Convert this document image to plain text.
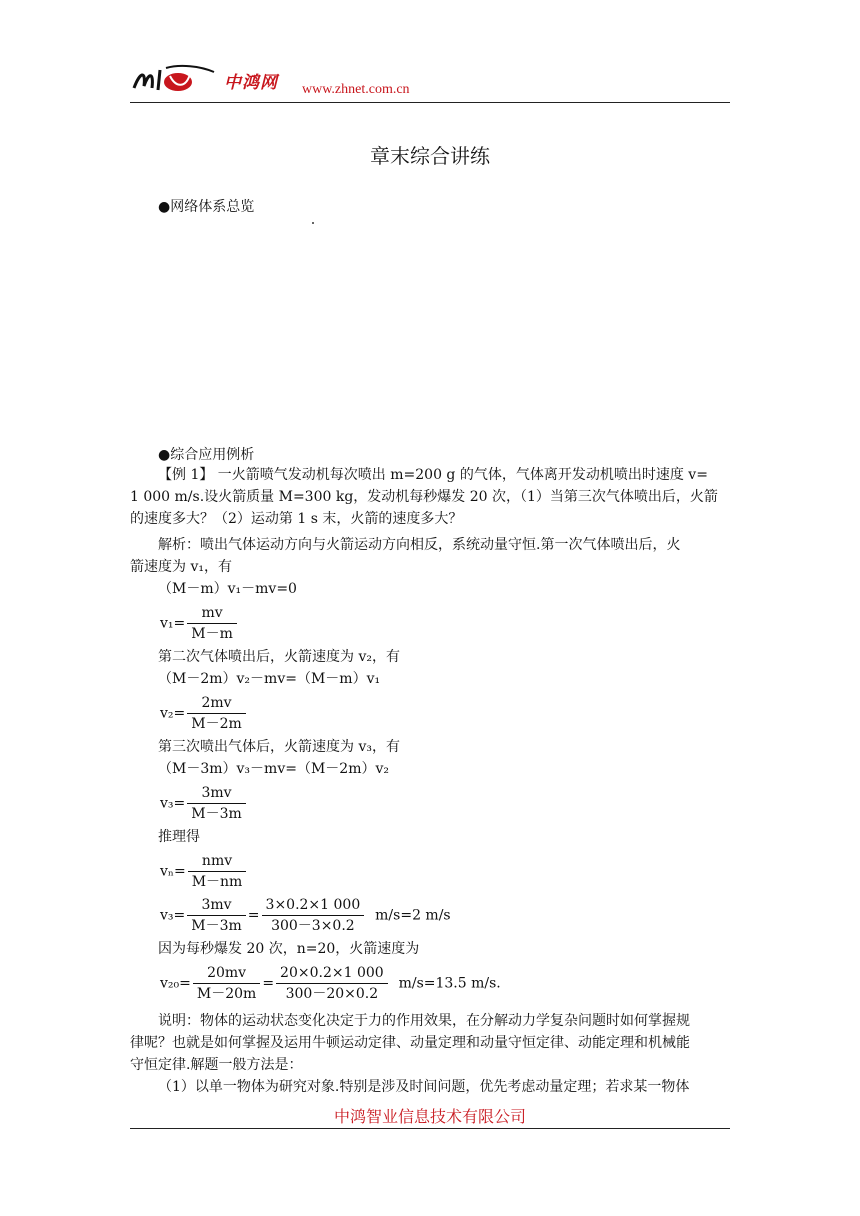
中鸿网 www.zhnet.com.cn
章末综合讲练
●网络体系总览
●综合应用例析
【例 1】 一火箭喷气发动机每次喷出 m=200 g 的气体，气体离开发动机喷出时速度 v=
1 000 m/s.设火箭质量 M=300 kg，发动机每秒爆发 20 次，（1）当第三次气体喷出后，火箭
的速度多大？（2）运动第 1 s 末，火箭的速度多大？
解析：喷出气体运动方向与火箭运动方向相反，系统动量守恒.第一次气体喷出后，火
箭速度为 v₁，有
（M－m）v₁－mv=0
$v_1= \frac{mv}{M-m}$
第二次气体喷出后，火箭速度为 v₂，有
（M－2m）v₂－mv=（M－m）v₁
$v_2= \frac{2mv}{M-2m}$
第三次喷出气体后，火箭速度为 v₃，有
（M－3m）v₃－mv=（M－2m）v₂
$v_3= \frac{3mv}{M-3m}$
推理得
$v_n= \frac{\text{nmv}}{M-nm}$
$v_3= \frac{3mv}{M-3m} = \frac{3\times 0.2\times 1 000}{300-3\times 0.2} m/s=2$ m/s
因为每秒爆发 20 次，n=20，火箭速度为
$v_{20}= \frac{20mv}{M-20m} = \frac{20\times 0.2\times 1 000}{300-20\times 0.2} m/s=13.5$ m/s.
说明：物体的运动状态变化决定于力的作用效果，在分解动力学复杂问题时如何掌握规
律呢？也就是如何掌握及运用牛顿运动定律、动量定理和动量守恒定律、动能定理和机械能
守恒定律.解题一般方法是：
（1）以单一物体为研究对象.特别是涉及时间问题，优先考虑动量定理；若求某一物体
中鸿智业信息技术有限公司
